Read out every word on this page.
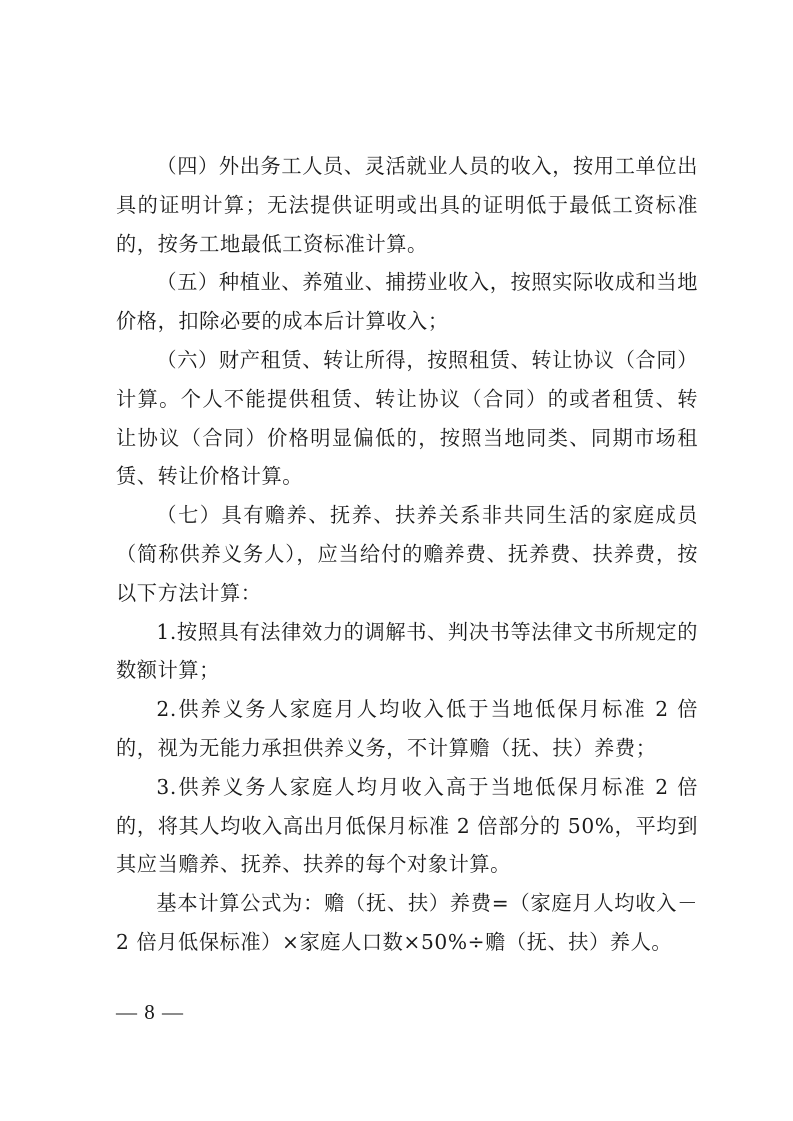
（四）外出务工人员、灵活就业人员的收入，按用工单位出具的证明计算；无法提供证明或出具的证明低于最低工资标准的，按务工地最低工资标准计算。

（五）种植业、养殖业、捕捞业收入，按照实际收成和当地价格，扣除必要的成本后计算收入；

（六）财产租赁、转让所得，按照租赁、转让协议（合同）计算。个人不能提供租赁、转让协议（合同）的或者租赁、转让协议（合同）价格明显偏低的，按照当地同类、同期市场租赁、转让价格计算。

（七）具有赡养、抚养、扶养关系非共同生活的家庭成员（简称供养义务人），应当给付的赡养费、抚养费、扶养费，按以下方法计算：

1.按照具有法律效力的调解书、判决书等法律文书所规定的数额计算；

2.供养义务人家庭月人均收入低于当地低保月标准 2 倍的，视为无能力承担供养义务，不计算赡（抚、扶）养费；

3.供养义务人家庭人均月收入高于当地低保月标准 2 倍的，将其人均收入高出月低保月标准 2 倍部分的 50%，平均到其应当赡养、抚养、扶养的每个对象计算。

基本计算公式为：赡（抚、扶）养费=（家庭月人均收入－2 倍月低保标准）×家庭人口数×50%÷赡（抚、扶）养人。

— 8 —
